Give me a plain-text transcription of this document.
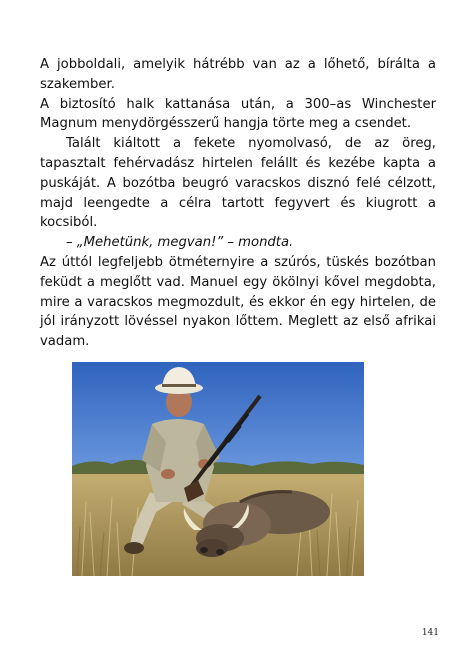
A jobboldali, amelyik hátrébb van az a lőhető, bírálta a szakember.

A biztosító halk kattanása után, a 300–as Winchester Magnum menydörgésszerű hangja törte meg a csendet.

Talált kiáltott a fekete nyomolvasó, de az öreg, tapasztalt fehérvadász hirtelen felállt és kezébe kapta a puskáját. A bozótba beugró varacskos disznó felé célzott, majd leengedte a célra tartott fegyvert és kiugrott a kocsiból.

– „Mehetünk, megvan!” – mondta.

Az úttól legfeljebb ötméternyire a szúrós, tüskés bozótban feküdt a meglőtt vad. Manuel egy ökölnyi kővel megdobta, mire a varacskos megmozdult, és ekkor én egy hirtelen, de jól irányzott lövéssel nyakon lőttem. Meglett az első afrikai vadam.

141
